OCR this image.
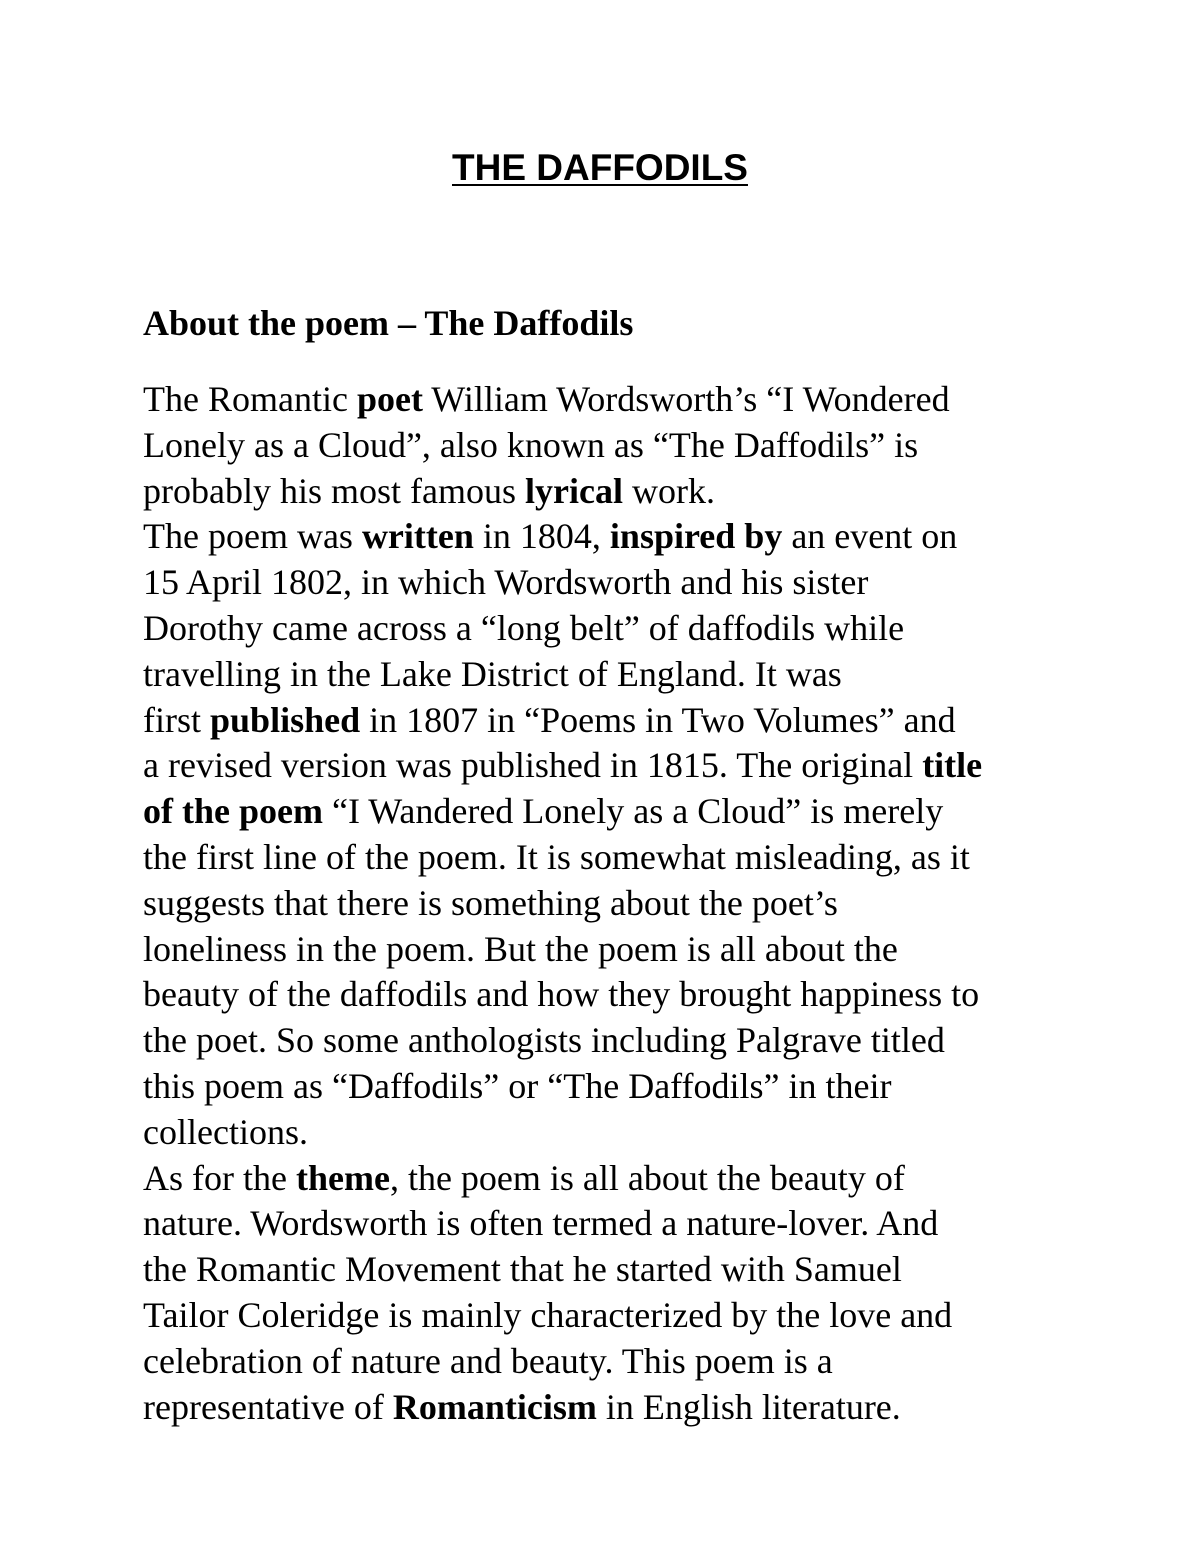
THE DAFFODILS
About the poem – The Daffodils
The Romantic poet William Wordsworth’s “I Wondered
Lonely as a Cloud”, also known as “The Daffodils” is
probably his most famous lyrical work.
The poem was written in 1804, inspired by an event on
15 April 1802, in which Wordsworth and his sister
Dorothy came across a “long belt” of daffodils while
travelling in the Lake District of England. It was
first published in 1807 in “Poems in Two Volumes” and
a revised version was published in 1815. The original title
of the poem “I Wandered Lonely as a Cloud” is merely
the first line of the poem. It is somewhat misleading, as it
suggests that there is something about the poet’s
loneliness in the poem. But the poem is all about the
beauty of the daffodils and how they brought happiness to
the poet. So some anthologists including Palgrave titled
this poem as “Daffodils” or “The Daffodils” in their
collections.
As for the theme, the poem is all about the beauty of
nature. Wordsworth is often termed a nature-lover. And
the Romantic Movement that he started with Samuel
Tailor Coleridge is mainly characterized by the love and
celebration of nature and beauty. This poem is a
representative of Romanticism in English literature.
